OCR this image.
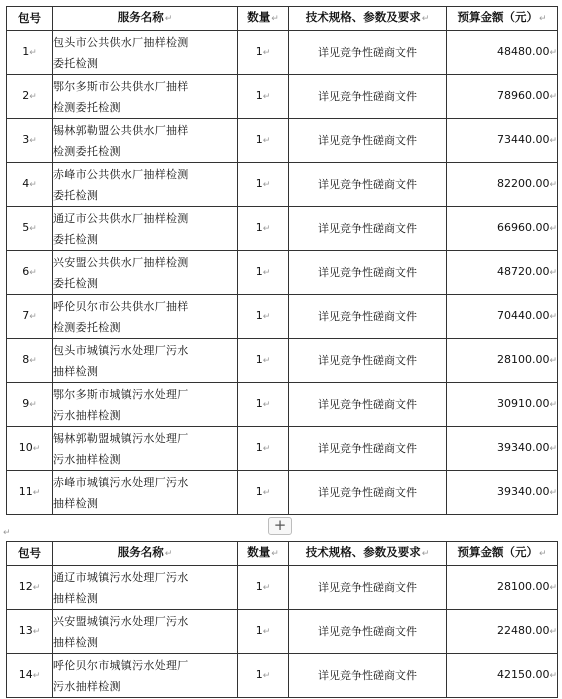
包号	服务名称↵	数量↵	技术规格、参数及要求↵	预算金额（元）↵
1↵	包头市公共供水厂抽样检测
委托检测	1↵	详见竞争性磋商文件	48480.00↵
2↵	鄂尔多斯市公共供水厂抽样
检测委托检测	1↵	详见竞争性磋商文件	78960.00↵
3↵	锡林郭勒盟公共供水厂抽样
检测委托检测	1↵	详见竞争性磋商文件	73440.00↵
4↵	赤峰市公共供水厂抽样检测
委托检测	1↵	详见竞争性磋商文件	82200.00↵
5↵	通辽市公共供水厂抽样检测
委托检测	1↵	详见竞争性磋商文件	66960.00↵
6↵	兴安盟公共供水厂抽样检测
委托检测	1↵	详见竞争性磋商文件	48720.00↵
7↵	呼伦贝尔市公共供水厂抽样
检测委托检测	1↵	详见竞争性磋商文件	70440.00↵
8↵	包头市城镇污水处理厂污水
抽样检测	1↵	详见竞争性磋商文件	28100.00↵
9↵	鄂尔多斯市城镇污水处理厂
污水抽样检测	1↵	详见竞争性磋商文件	30910.00↵
10↵	锡林郭勒盟城镇污水处理厂
污水抽样检测	1↵	详见竞争性磋商文件	39340.00↵
11↵	赤峰市城镇污水处理厂污水
抽样检测	1↵	详见竞争性磋商文件	39340.00↵
↵	+
包号	服务名称↵	数量↵	技术规格、参数及要求↵	预算金额（元）↵
12↵	通辽市城镇污水处理厂污水
抽样检测	1↵	详见竞争性磋商文件	28100.00↵
13↵	兴安盟城镇污水处理厂污水
抽样检测	1↵	详见竞争性磋商文件	22480.00↵
14↵	呼伦贝尔市城镇污水处理厂
污水抽样检测	1↵	详见竞争性磋商文件	42150.00↵
